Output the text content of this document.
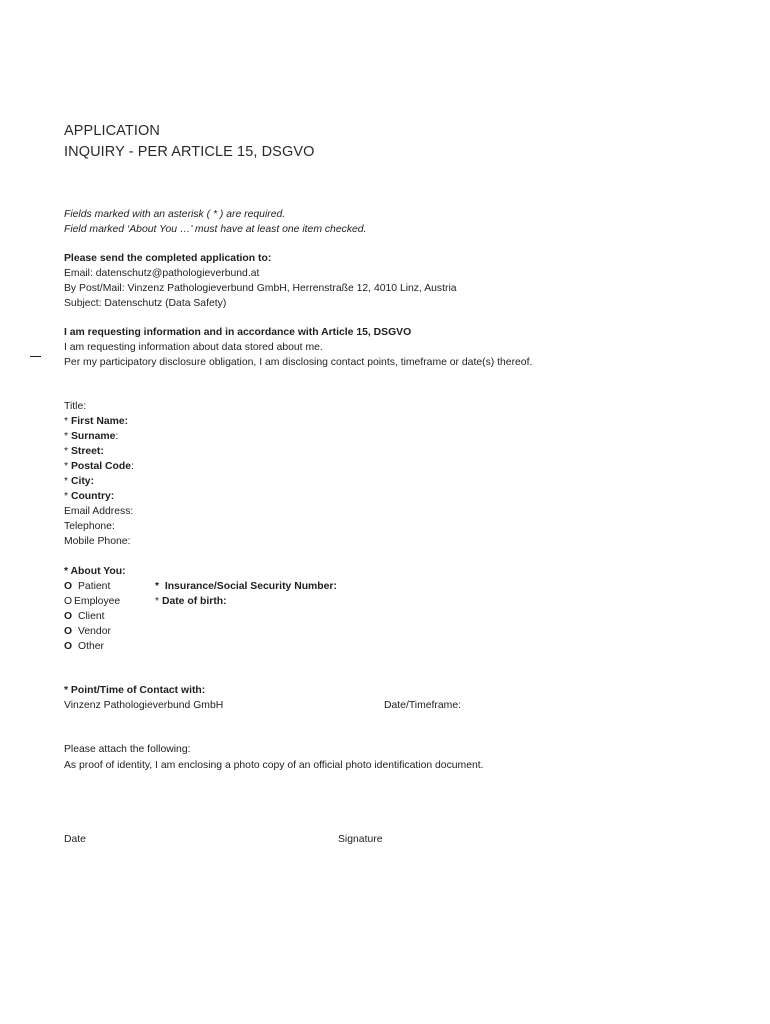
APPLICATION
INQUIRY - PER ARTICLE 15, DSGVO
Fields marked with an asterisk ( * ) are required.
Field marked ‘About You …’ must have at least one item checked.
Please send the completed application to:
Email: datenschutz@pathologieverbund.at
By Post/Mail: Vinzenz Pathologieverbund GmbH, Herrenstraße 12, 4010 Linz, Austria
Subject: Datenschutz (Data Safety)
I am requesting information and in accordance with Article 15, DSGVO
I am requesting information about data stored about me.
Per my participatory disclosure obligation, I am disclosing contact points, timeframe or date(s) thereof.
Title:
* First Name:
* Surname:
* Street:
* Postal Code:
* City:
* Country:
Email Address:
Telephone:
Mobile Phone:
* About You:
O Patient
O Employee
O Client
O Vendor
O Other
* Insurance/Social Security Number:
* Date of birth:
* Point/Time of Contact with:
Vinzenz Pathologieverbund GmbH	Date/Timeframe:
Please attach the following:
As proof of identity, I am enclosing a photo copy of an official photo identification document.
Date	Signature
